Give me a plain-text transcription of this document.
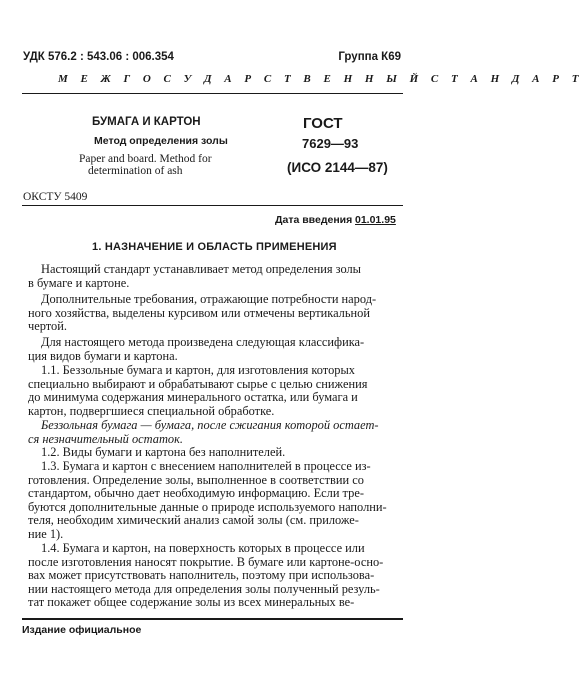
УДК 576.2 : 543.06 : 006.354	Группа К69
М Е Ж Г О С У Д А Р С Т В Е Н Н Ы Й С Т А Н Д А Р Т
БУМАГА И КАРТОН
Метод определения золы
Paper and board. Method for
determination of ash
ГОСТ
7629—93
(ИСО 2144—87)
ОКСТУ 5409
Дата введения 01.01.95
1. НАЗНАЧЕНИЕ И ОБЛАСТЬ ПРИМЕНЕНИЯ
Настоящий стандарт устанавливает метод определения золы
в бумаге и картоне.
Дополнительные требования, отражающие потребности народ-
ного хозяйства, выделены курсивом или отмечены вертикальной
чертой.
Для настоящего метода произведена следующая классифика-
ция видов бумаги и картона.
1.1. Беззольные бумага и картон, для изготовления которых
специально выбирают и обрабатывают сырье с целью снижения
до минимума содержания минерального остатка, или бумага и
картон, подвергшиеся специальной обработке.
Беззольная бумага — бумага, после сжигания которой остает-
ся незначительный остаток.
1.2. Виды бумаги и картона без наполнителей.
1.3. Бумага и картон с внесением наполнителей в процессе из-
готовления. Определение золы, выполненное в соответствии со
стандартом, обычно дает необходимую информацию. Если тре-
буются дополнительные данные о природе используемого наполни-
теля, необходим химический анализ самой золы (см. приложе-
ние 1).
1.4. Бумага и картон, на поверхность которых в процессе или
после изготовления наносят покрытие. В бумаге или картоне-осно-
вах может присутствовать наполнитель, поэтому при использова-
нии настоящего метода для определения золы полученный резуль-
тат покажет общее содержание золы из всех минеральных ве-
Издание официальное
